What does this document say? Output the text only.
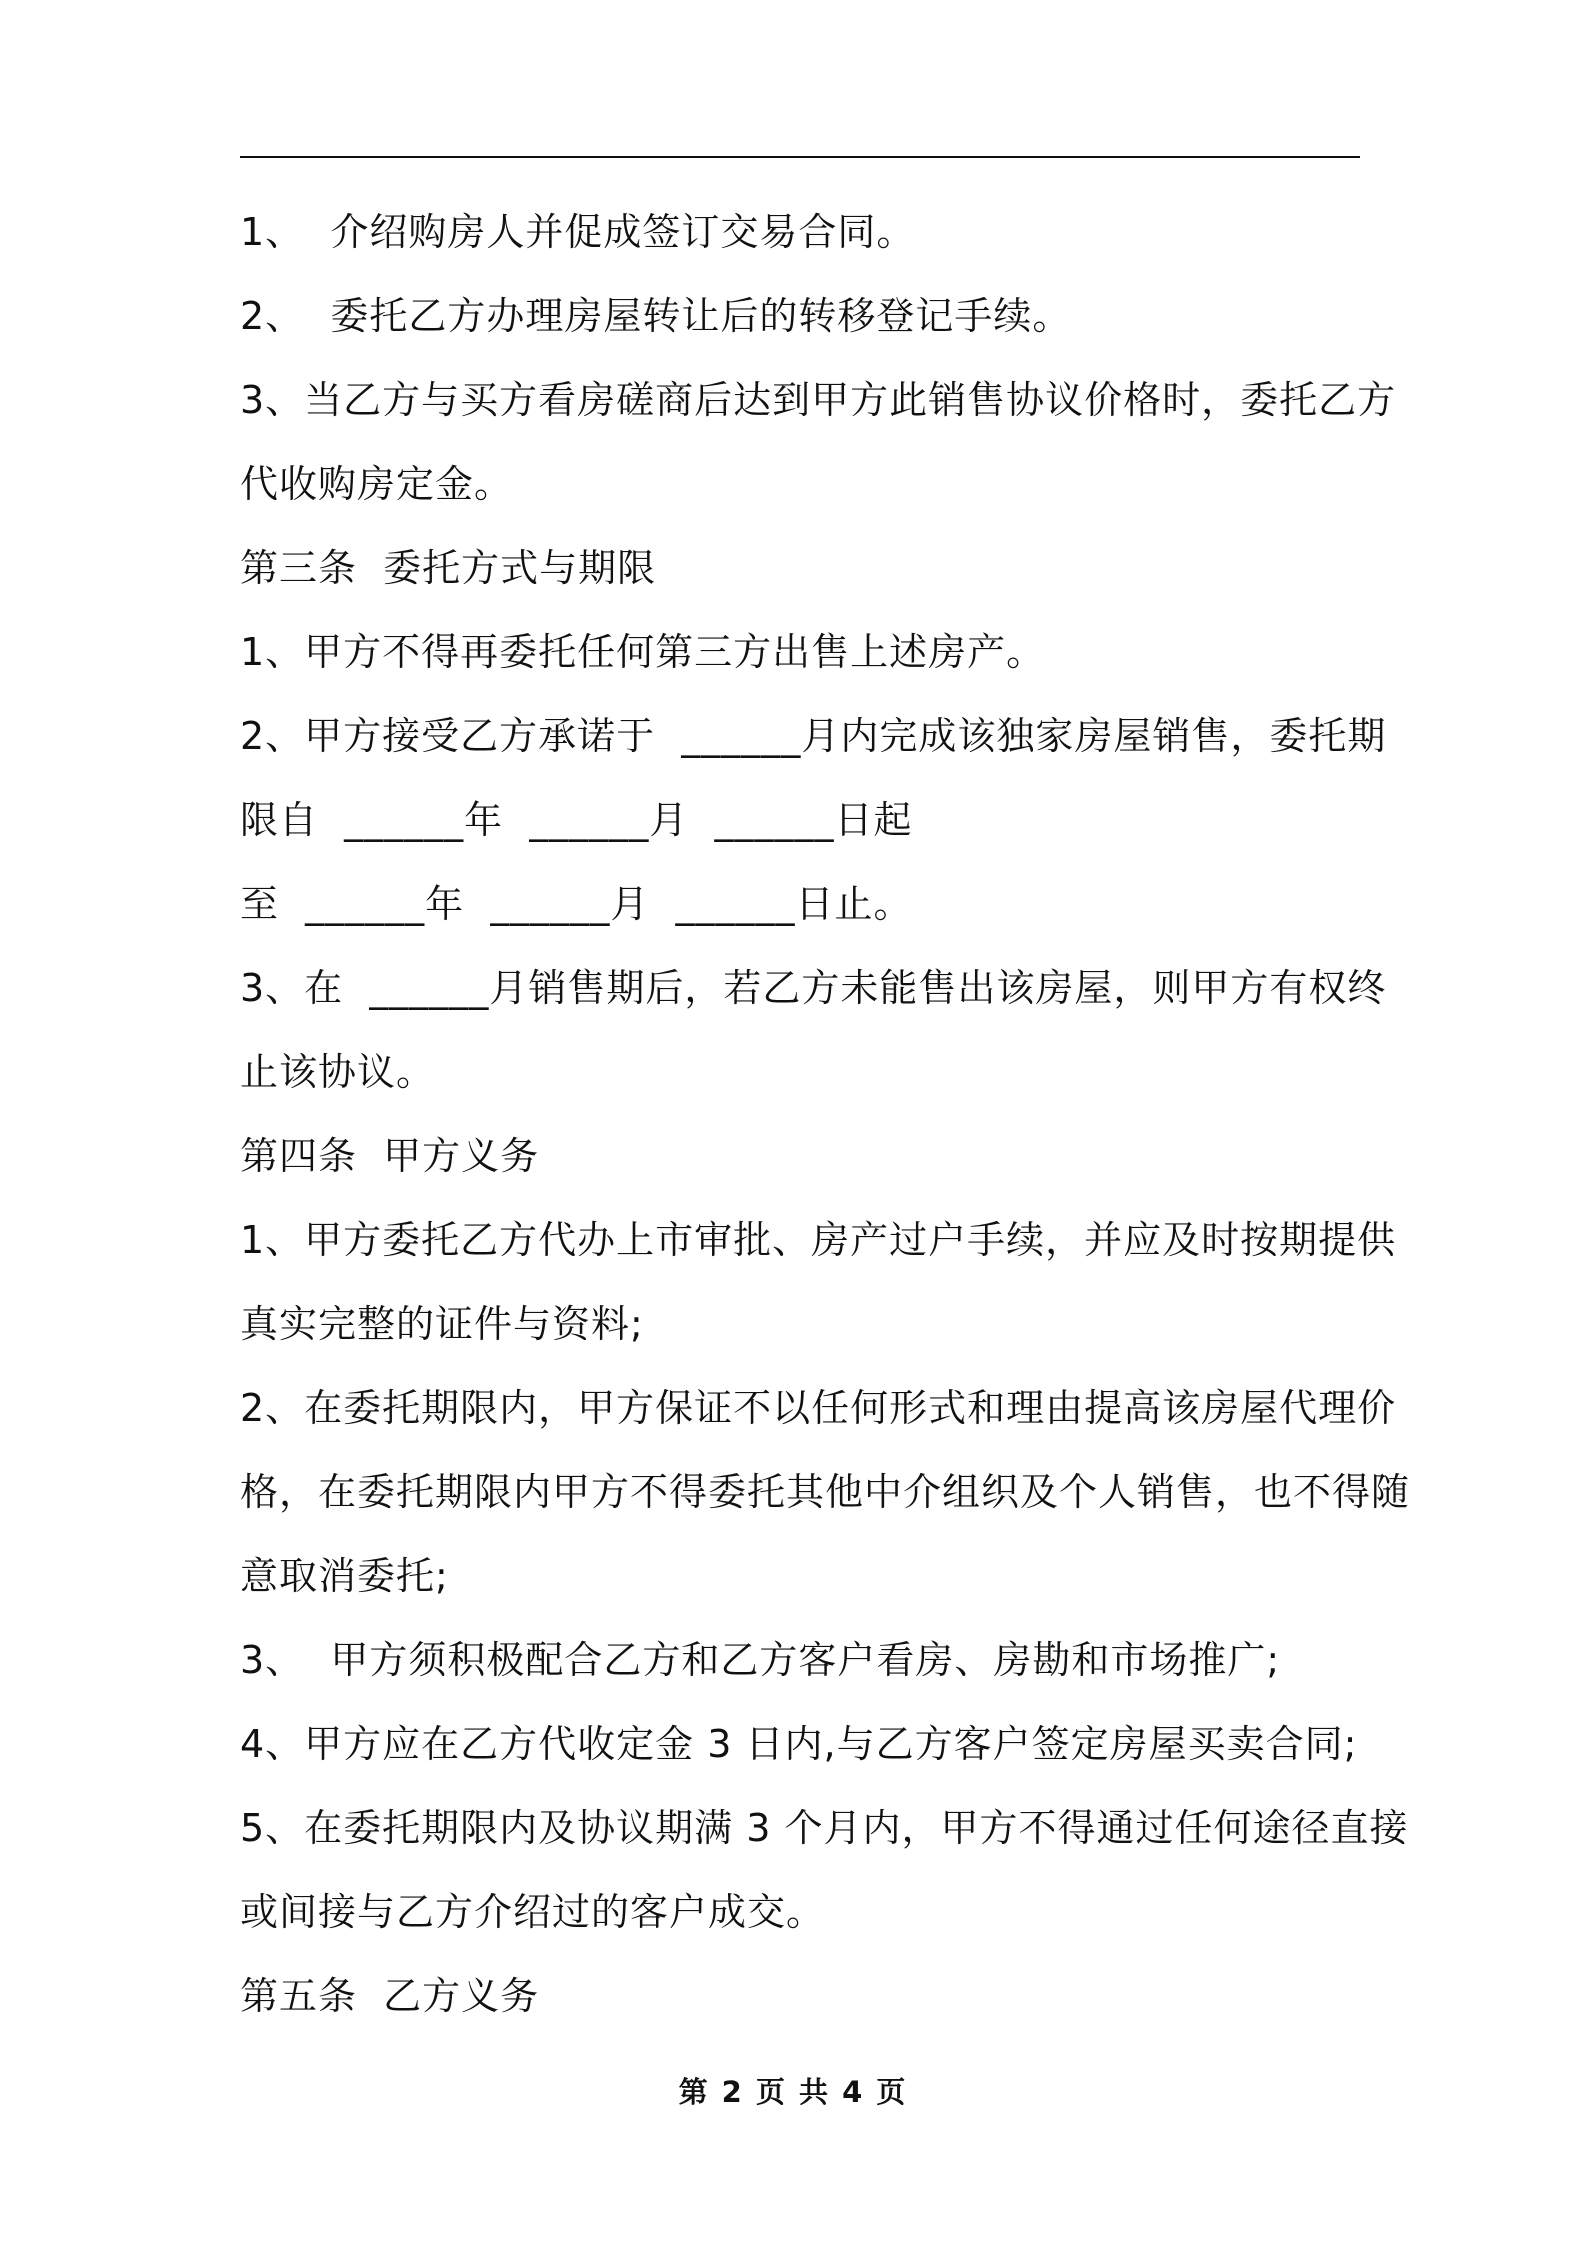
1、  介绍购房人并促成签订交易合同。
2、  委托乙方办理房屋转让后的转移登记手续。
3、当乙方与买方看房磋商后达到甲方此销售协议价格时，委托乙方
代收购房定金。
第三条  委托方式与期限
1、甲方不得再委托任何第三方出售上述房产。
2、甲方接受乙方承诺于  ______月内完成该独家房屋销售，委托期
限自  ______年  ______月  ______日起
至  ______年  ______月  ______日止。
3、在  ______月销售期后，若乙方未能售出该房屋，则甲方有权终
止该协议。
第四条  甲方义务
1、甲方委托乙方代办上市审批、房产过户手续，并应及时按期提供
真实完整的证件与资料;
2、在委托期限内，甲方保证不以任何形式和理由提高该房屋代理价
格，在委托期限内甲方不得委托其他中介组织及个人销售，也不得随
意取消委托;
3、  甲方须积极配合乙方和乙方客户看房、房勘和市场推广;
4、甲方应在乙方代收定金 3 日内,与乙方客户签定房屋买卖合同;
5、在委托期限内及协议期满 3 个月内，甲方不得通过任何途径直接
或间接与乙方介绍过的客户成交。
第五条  乙方义务
第 2 页 共 4 页
